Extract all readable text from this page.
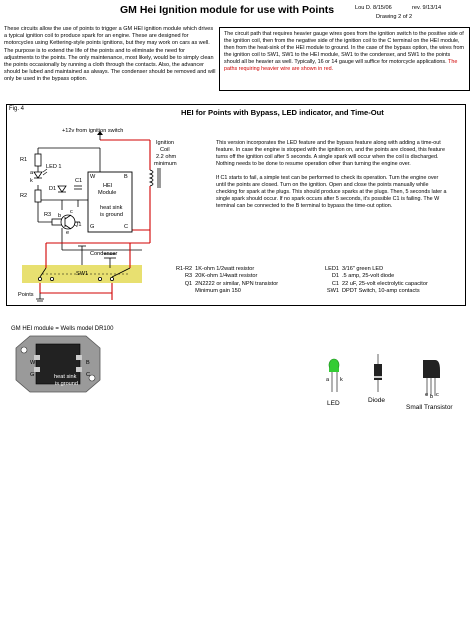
GM Hei Ignition module for use with Points	Lou D. 8/15/06	rev. 9/13/14
Drawing 2 of 2
These circuits allow the use of points to trigger a GM HEI ignition module which drives a typical ignition coil to produce spark for an engine. These are designed for motorcycles using Kettering-style points ignitions, but they may work on cars as well. The purpose is to extend the life of the points and to eliminate the need for adjustments to the points. The only maintenance, most likely, would be to simply clean the points occasionally by running a cloth through the contacts. Also, the advancer should be lubed and maintained as always. The condenser should be removed and will only be used in the bypass option.
The circuit path that requires heavier gauge wires goes from the ignition switch to the positive side of the ignition coil, then from the negative side of the ignition coil to the C terminal on the HEI module, then from the heat-sink of the HEI module to ground. In the case of the bypass option, the wires from the ignition coil to SW1, SW1 to the HEI module, SW1 to the condenser, and SW1 to the points should all be heavier as well. Typically, 16 or 14 gauge will suffice for motorcycle applications. The paths requiring heavier wire are shown in red.
Fig. 4	HEI for Points with Bypass, LED indicator, and Time-Out
+12v from ignition switch
Ignition
Coil
2.2 ohm
minimum
R1
LED 1
a
k
R2
D1
C1
R3
Q1
e
b
c
HEI
Module
heat sink
is ground
W	B
G	C
Condenser
SW1
Points

This version incorporates the LED feature and the bypass feature along with adding a time-out feature. In case the engine is stopped with the ignition on, and the points are closed, this feature turns off the ignition coil after 5 seconds. A single spark will occur when the coil is discharged. Nothing needs to be done to resume operation other than turning the engine over.

If C1 starts to fail, a simple test can be performed to check its operation. Turn the engine over until the points are closed. Turn on the ignition. Open and close the points manually while checking for spark at the plugs. This should produce sparks at the plugs. Then, 5 seconds later a single spark should occur. If no spark occurs after 5 seconds, it's possible C1 is failing. The W terminal can be connected to the B terminal to bypass the time-out option.

R1-R2	1K-ohm 1/2watt resistor
R3	20K-ohm 1/4watt resistor
Q1	2N2222 or similar, NPN transistor
	Minimum gain 150
LED1	3/16" green LED
D1	.5 amp, 25-volt diode
C1	22 uF, 25-volt electrolytic capacitor
SW1	DPDT Switch, 10-amp contacts
GM HEI module = Wells model DR100
W
G
B
C
heat sink
is ground
a k
e b c
LED	Diode
Small Transistor
